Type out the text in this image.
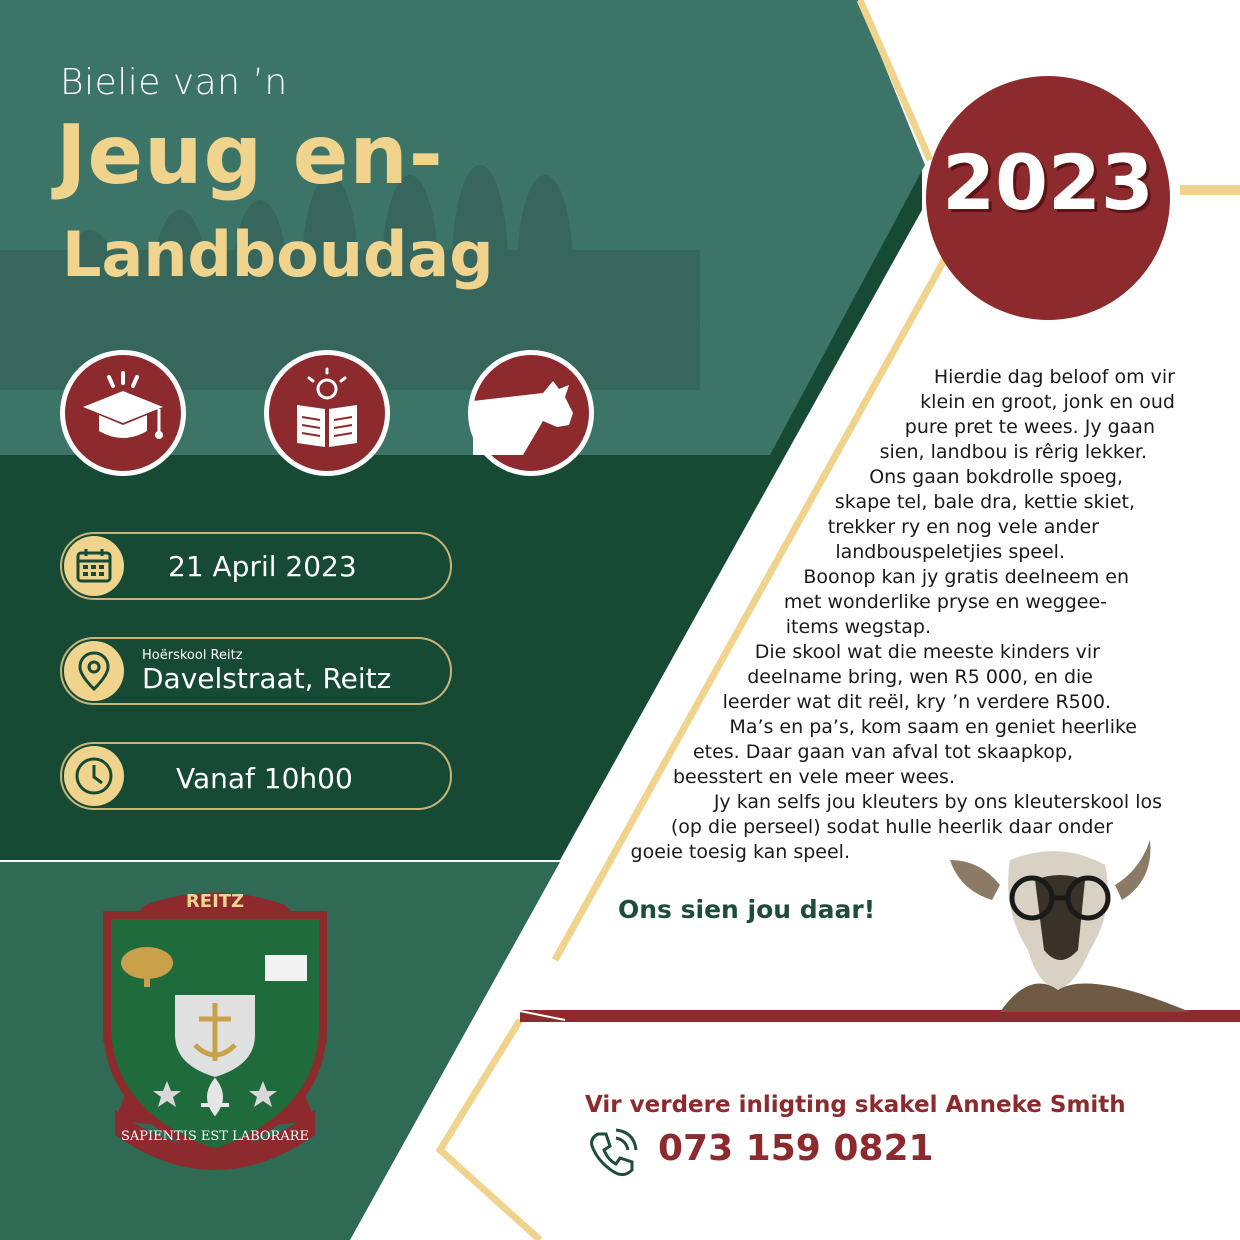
Bielie van ’n
Jeug en-
Landboudag
2023
21 April 2023
Hoërskool Reitz
Davelstraat, Reitz
Vanaf 10h00
REITZ
SAPIENTIS EST LABORARE
Hierdie dag beloof om vir
klein en groot, jonk en oud
pure pret te wees. Jy gaan
sien, landbou is rêrig lekker.
Ons gaan bokdrolle spoeg,
skape tel, bale dra, kettie skiet,
trekker ry en nog vele ander
landbouspeletjies speel.
Boonop kan jy gratis deelneem en
met wonderlike pryse en weggee-
items wegstap.
Die skool wat die meeste kinders vir
deelname bring, wen R5 000, en die
leerder wat dit reël, kry ’n verdere R500.
Ma’s en pa’s, kom saam en geniet heerlike
etes. Daar gaan van afval tot skaapkop,
beesstert en vele meer wees.
Jy kan selfs jou kleuters by ons kleuterskool los
(op die perseel) sodat hulle heerlik daar onder
goeie toesig kan speel.
Ons sien jou daar!
Vir verdere inligting skakel Anneke Smith
073 159 0821
